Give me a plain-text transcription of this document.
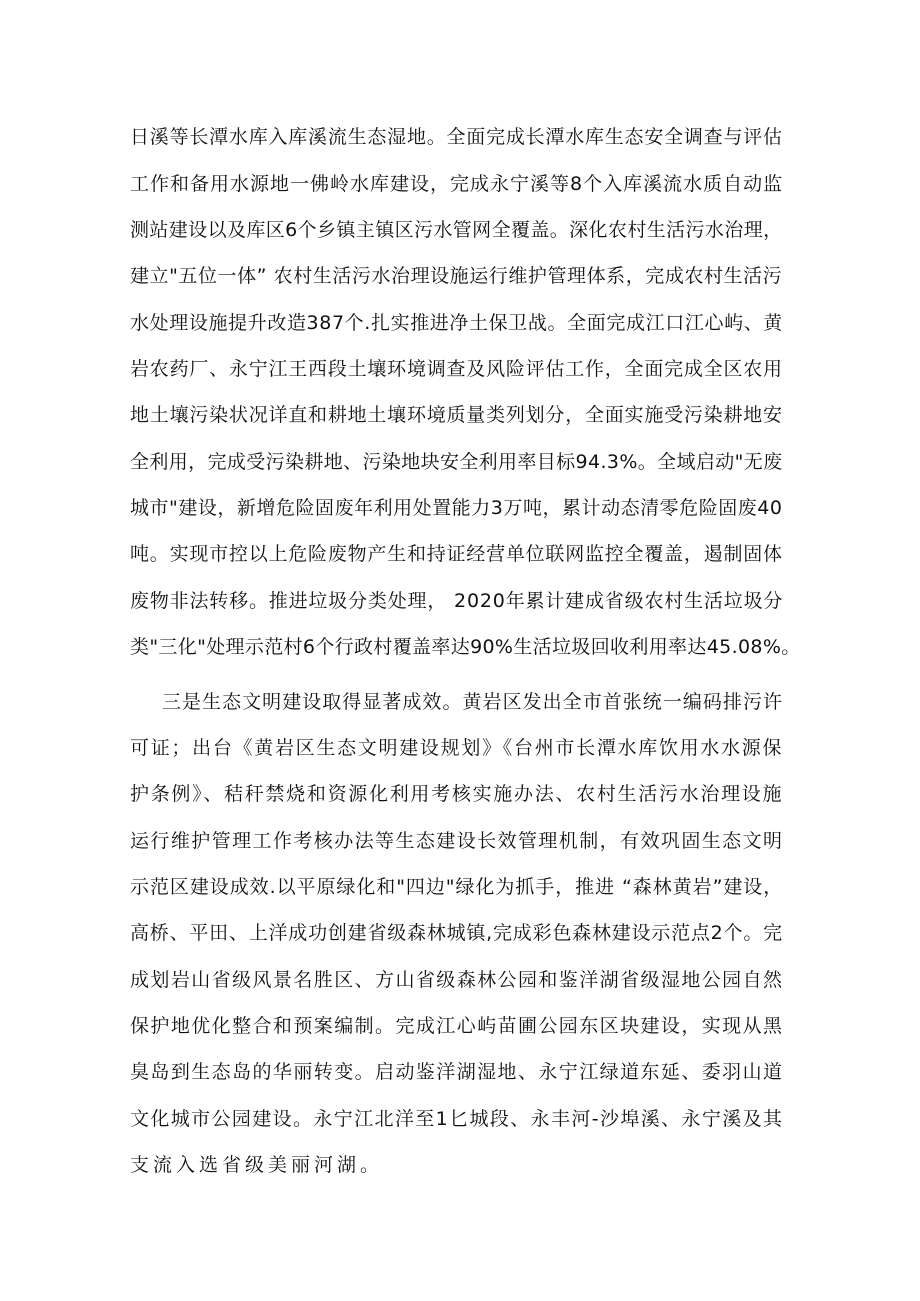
日溪等长潭水库入库溪流生态湿地。全面完成长潭水库生态安全调查与评估
工作和备用水源地一佛岭水库建设，完成永宁溪等8个入库溪流水质自动监
测站建设以及库区6个乡镇主镇区污水管网全覆盖。深化农村生活污水治理，
建立"五位一体” 农村生活污水治理设施运行维护管理体系，完成农村生活污
水处理设施提升改造387个.扎实推进净土保卫战。全面完成江口江心屿、黄
岩农药厂、永宁江王西段土壤环境调查及风险评估工作，全面完成全区农用
地土壤污染状况详直和耕地土壤环境质量类列划分，全面实施受污染耕地安
全利用，完成受污染耕地、污染地块安全利用率目标94.3%。全域启动"无废
城市"建设，新增危险固废年利用处置能力3万吨，累计动态清零危险固废40
吨。实现市控以上危险废物产生和持证经营单位联网监控全覆盖，遏制固体
废物非法转移。推进垃圾分类处理， 2020年累计建成省级农村生活垃圾分
类"三化"处理示范村6个行政村覆盖率达90%生活垃圾回收利用率达45.08%。
三是生态文明建设取得显著成效。黄岩区发出全市首张统一编码排污许
可证；出台《黄岩区生态文明建设规划》《台州市长潭水库饮用水水源保
护条例》、秸秆禁烧和资源化利用考核实施办法、农村生活污水治理设施
运行维护管理工作考核办法等生态建设长效管理机制，有效巩固生态文明
示范区建设成效.以平原绿化和"四边"绿化为抓手，推进 “森林黄岩”建设，
高桥、平田、上洋成功创建省级森林城镇,完成彩色森林建设示范点2个。完
成划岩山省级风景名胜区、方山省级森林公园和鉴洋湖省级湿地公园自然
保护地优化整合和预案编制。完成江心屿苗圃公园东区块建设，实现从黑
臭岛到生态岛的华丽转变。启动鉴洋湖湿地、永宁江绿道东延、委羽山道
文化城市公园建设。永宁江北洋至1匕城段、永丰河-沙埠溪、永宁溪及其
支流入选省级美丽河湖。
